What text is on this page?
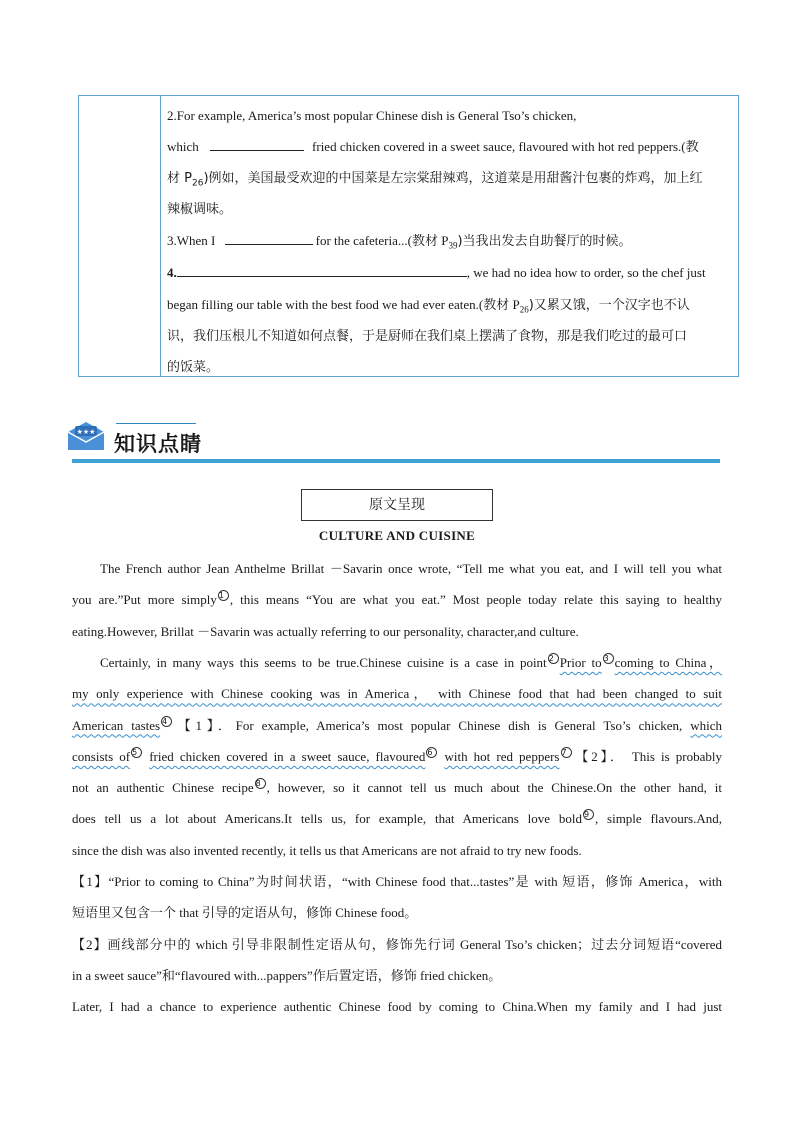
2.For example, America’s most popular Chinese dish is General Tso’s chicken,
which	fried chicken covered in a sweet sauce, flavoured with hot red peppers.(教
材 $P_{26}$)例如，美国最受欢迎的中国菜是左宗棠甜辣鸡，这道菜是用甜酱汁包裹的炸鸡，加上红
辣椒调味。
3.When I	for the cafeteria...(教材 $P_{39}$)当我出发去自助餐厅的时候。
4.	, we had no idea how to order, so the chef just
began filling our table with the best food we had ever eaten.(教材 $P_{26}$)又累又饿，一个汉字也不认
识，我们压根儿不知道如何点餐，于是厨师在我们桌上摆满了食物，那是我们吃过的最可口
的饭菜。
★★★ 知识点睛
原文呈现
CULTURE AND CUISINE
The French author Jean Anthelme Brillat －Savarin once wrote, “Tell me what you eat, and I will tell you what
you are.”Put more simply 1 , this means “You are what you eat.” Most people today relate this saying to healthy
eating.However, Brillat －Savarin was actually referring to our personality, character,and culture.
Certainly, in many ways this seems to be true.Chinese cuisine is a case in point 2 Prior to 3 coming to China，
my only experience with Chinese cooking was in America， with Chinese food that had been changed to suit
American tastes 4 【1】．For example, America’s most popular Chinese dish is General Tso’s chicken, which
consists of 5 fried chicken covered in a sweet sauce, flavoured 6 with hot red peppers 7 【2】． This is probably
not an authentic Chinese recipe 8 , however, so it cannot tell us much about the Chinese.On the other hand, it
does tell us a lot about Americans.It tells us, for example, that Americans love bold 9 , simple flavours.And,
since the dish was also invented recently, it tells us that Americans are not afraid to try new foods.
【1】“Prior to coming to China”为时间状语，“with Chinese food that...tastes”是 with 短语，修饰 America，with
短语里又包含一个 that 引导的定语从句，修饰 Chinese food。
【2】画线部分中的 which 引导非限制性定语从句，修饰先行词 General Tso’s chicken；过去分词短语“covered
in a sweet sauce”和“flavoured with...pappers”作后置定语，修饰 fried chicken。
Later, I had a chance to experience authentic Chinese food by coming to China.When my family and I had just
